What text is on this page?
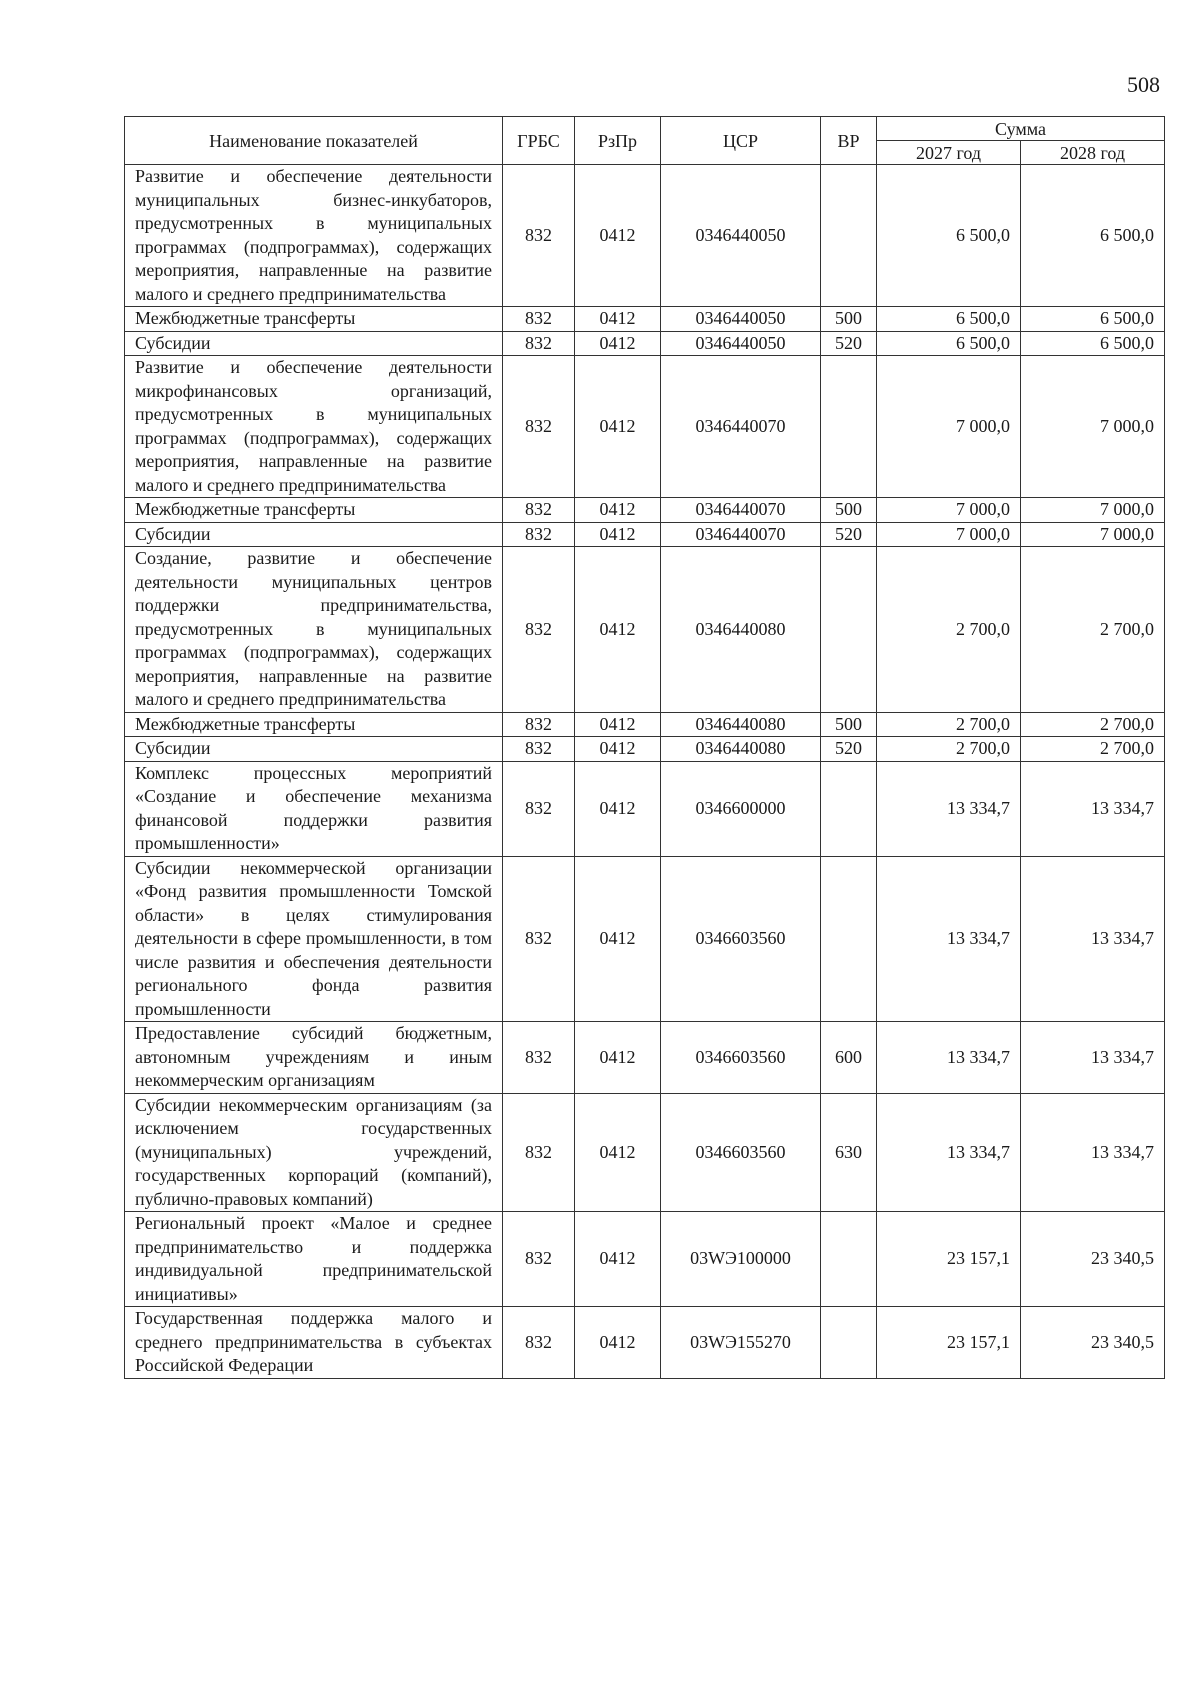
508
Наименование показателей	ГРБС	РзПр	ЦСР	ВР	Сумма	
					2027 год	2028 год
Развитие и обеспечение деятельности муниципальных бизнес-инкубаторов, предусмотренных в муниципальных программах (подпрограммах), содержащих мероприятия, направленные на развитие малого и среднего предпринимательства	832	0412	0346440050		6 500,0	6 500,0
Межбюджетные трансферты	832	0412	0346440050	500	6 500,0	6 500,0
Субсидии	832	0412	0346440050	520	6 500,0	6 500,0
Развитие и обеспечение деятельности микрофинансовых организаций, предусмотренных в муниципальных программах (подпрограммах), содержащих мероприятия, направленные на развитие малого и среднего предпринимательства	832	0412	0346440070		7 000,0	7 000,0
Межбюджетные трансферты	832	0412	0346440070	500	7 000,0	7 000,0
Субсидии	832	0412	0346440070	520	7 000,0	7 000,0
Создание, развитие и обеспечение деятельности муниципальных центров поддержки предпринимательства, предусмотренных в муниципальных программах (подпрограммах), содержащих мероприятия, направленные на развитие малого и среднего предпринимательства	832	0412	0346440080		2 700,0	2 700,0
Межбюджетные трансферты	832	0412	0346440080	500	2 700,0	2 700,0
Субсидии	832	0412	0346440080	520	2 700,0	2 700,0
Комплекс процессных мероприятий «Создание и обеспечение механизма финансовой поддержки развития промышленности»	832	0412	0346600000		13 334,7	13 334,7
Субсидии некоммерческой организации «Фонд развития промышленности Томской области» в целях стимулирования деятельности в сфере промышленности, в том числе развития и обеспечения деятельности регионального фонда развития промышленности	832	0412	0346603560		13 334,7	13 334,7
Предоставление субсидий бюджетным, автономным учреждениям и иным некоммерческим организациям	832	0412	0346603560	600	13 334,7	13 334,7
Субсидии некоммерческим организациям (за исключением государственных (муниципальных) учреждений, государственных корпораций (компаний), публично-правовых компаний)	832	0412	0346603560	630	13 334,7	13 334,7
Региональный проект «Малое и среднее предпринимательство и поддержка индивидуальной предпринимательской инициативы»	832	0412	03WЭ100000		23 157,1	23 340,5
Государственная поддержка малого и среднего предпринимательства в субъектах Российской Федерации	832	0412	03WЭ155270		23 157,1	23 340,5
